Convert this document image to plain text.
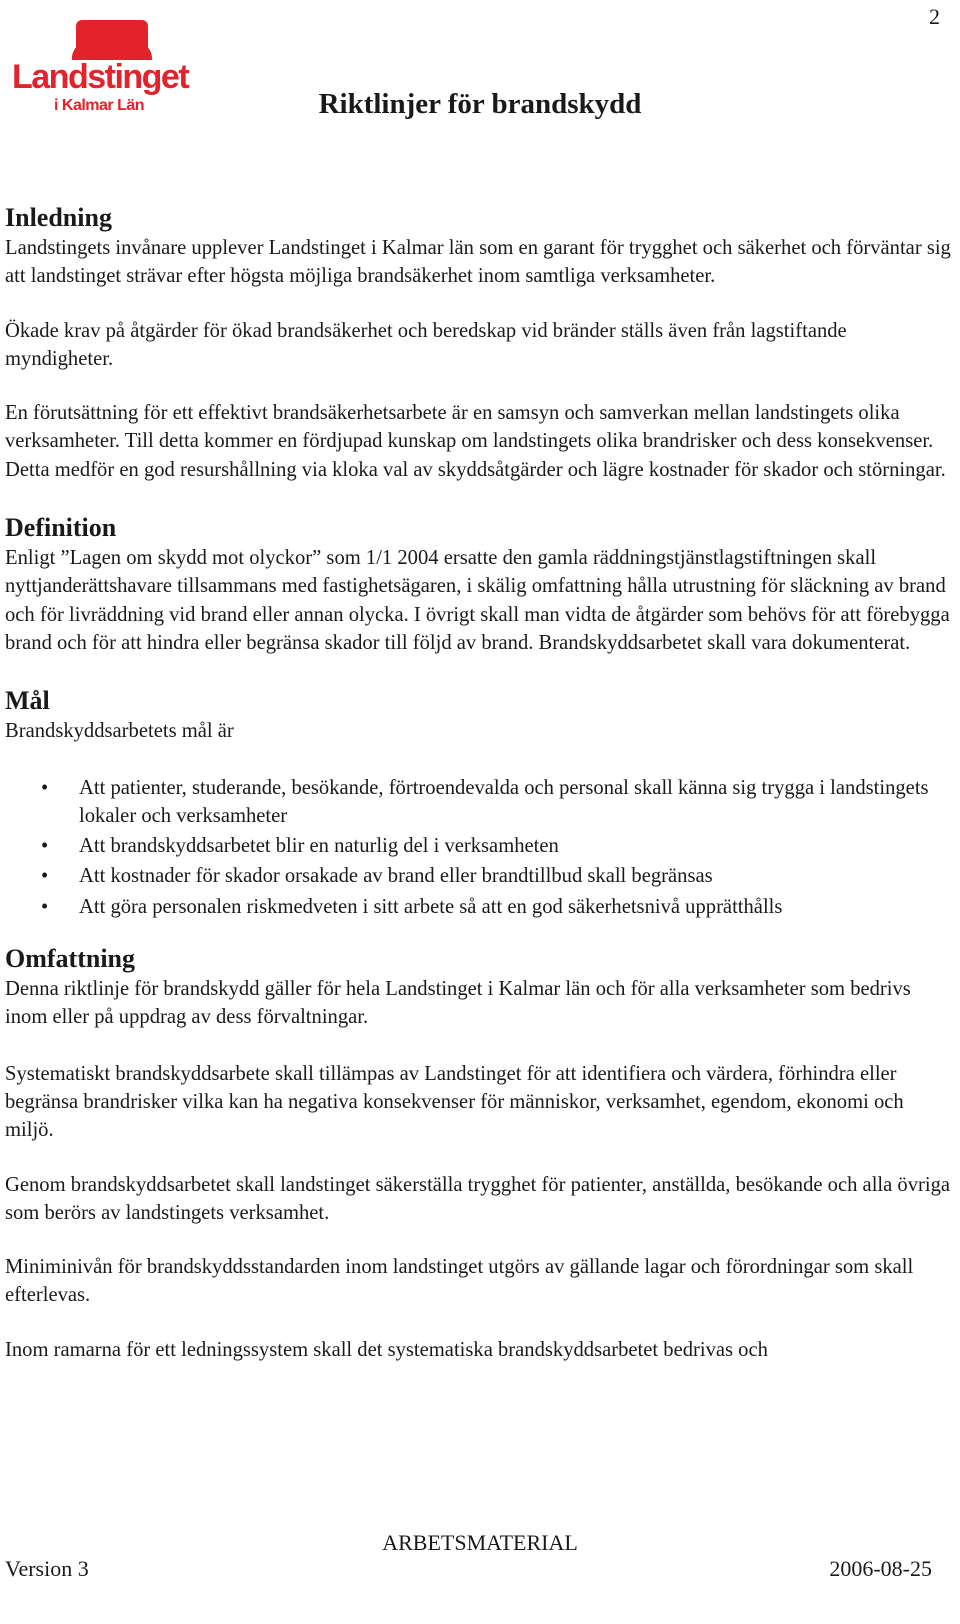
2
Landstinget
i Kalmar Län	Riktlinjer för brandskydd
Inledning

Landstingets invånare upplever Landstinget i Kalmar län som en garant för trygghet och säkerhet och förväntar sig att landstinget strävar efter högsta möjliga brandsäkerhet inom samtliga verksamheter.

Ökade krav på åtgärder för ökad brandsäkerhet och beredskap vid bränder ställs även från lagstiftande myndigheter.

En förutsättning för ett effektivt brandsäkerhetsarbete är en samsyn och samverkan mellan landstingets olika verksamheter. Till detta kommer en fördjupad kunskap om landstingets olika brandrisker och dess konsekvenser. Detta medför en god resurshållning via kloka val av skyddsåtgärder och lägre kostnader för skador och störningar.

Definition

Enligt ”Lagen om skydd mot olyckor” som 1/1 2004 ersatte den gamla räddningstjänstlagstiftningen skall nyttjanderättshavare tillsammans med fastighetsägaren, i skälig omfattning hålla utrustning för släckning av brand och för livräddning vid brand eller annan olycka. I övrigt skall man vidta de åtgärder som behövs för att förebygga brand och för att hindra eller begränsa skador till följd av brand. Brandskyddsarbetet skall vara dokumenterat.

Mål

Brandskyddsarbetets mål är

• Att patienter, studerande, besökande, förtroendevalda och personal skall känna sig trygga i landstingets lokaler och verksamheter
• Att brandskyddsarbetet blir en naturlig del i verksamheten
• Att kostnader för skador orsakade av brand eller brandtillbud skall begränsas
• Att göra personalen riskmedveten i sitt arbete så att en god säkerhetsnivå upprätthålls
Omfattning

Denna riktlinje för brandskydd gäller för hela Landstinget i Kalmar län och för alla verksamheter som bedrivs inom eller på uppdrag av dess förvaltningar.

Systematiskt brandskyddsarbete skall tillämpas av Landstinget för att identifiera och värdera, förhindra eller begränsa brandrisker vilka kan ha negativa konsekvenser för människor, verksamhet, egendom, ekonomi och miljö.

Genom brandskyddsarbetet skall landstinget säkerställa trygghet för patienter, anställda, besökande och alla övriga som berörs av landstingets verksamhet.

Miniminivån för brandskyddsstandarden inom landstinget utgörs av gällande lagar och förordningar som skall efterlevas.

Inom ramarna för ett ledningssystem skall det systematiska brandskyddsarbetet bedrivas och

ARBETSMATERIAL
Version 3	2006-08-25
